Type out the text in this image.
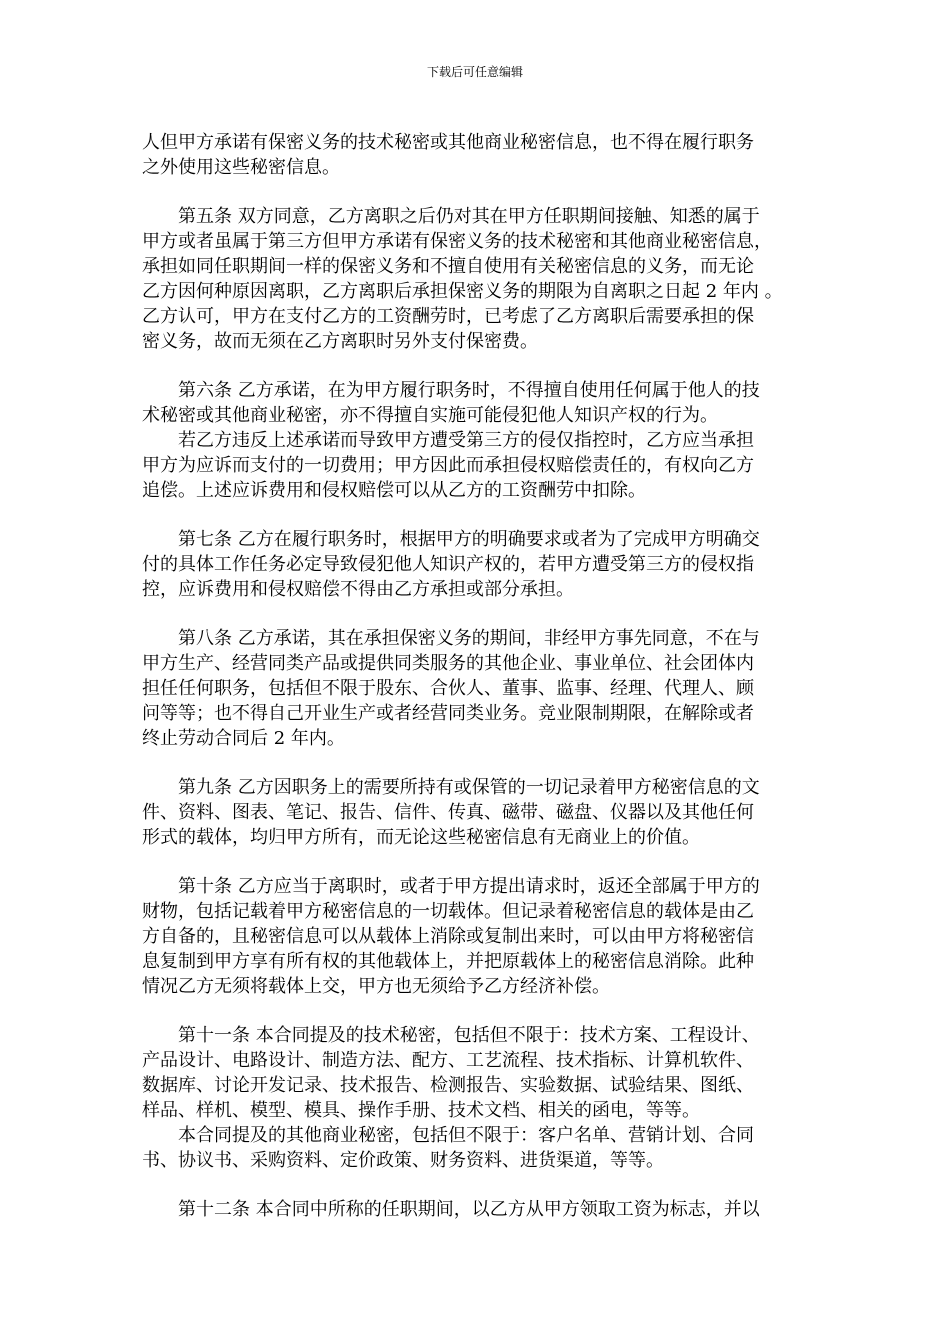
下载后可任意编辑

人但甲方承诺有保密义务的技术秘密或其他商业秘密信息，也不得在履行职务
之外使用这些秘密信息。

第五条 双方同意，乙方离职之后仍对其在甲方任职期间接触、知悉的属于
甲方或者虽属于第三方但甲方承诺有保密义务的技术秘密和其他商业秘密信息，
承担如同任职期间一样的保密义务和不擅自使用有关秘密信息的义务，而无论
乙方因何种原因离职，乙方离职后承担保密义务的期限为自离职之日起 2 年内 。
乙方认可，甲方在支付乙方的工资酬劳时，已考虑了乙方离职后需要承担的保
密义务，故而无须在乙方离职时另外支付保密费。

第六条 乙方承诺，在为甲方履行职务时，不得擅自使用任何属于他人的技
术秘密或其他商业秘密，亦不得擅自实施可能侵犯他人知识产权的行为。

若乙方违反上述承诺而导致甲方遭受第三方的侵仅指控时，乙方应当承担
甲方为应诉而支付的一切费用；甲方因此而承担侵权赔偿责任的，有权向乙方
追偿。上述应诉费用和侵权赔偿可以从乙方的工资酬劳中扣除。

第七条 乙方在履行职务时，根据甲方的明确要求或者为了完成甲方明确交
付的具体工作任务必定导致侵犯他人知识产权的，若甲方遭受第三方的侵权指
控，应诉费用和侵权赔偿不得由乙方承担或部分承担。

第八条 乙方承诺，其在承担保密义务的期间，非经甲方事先同意，不在与
甲方生产、经营同类产品或提供同类服务的其他企业、事业单位、社会团体内
担任任何职务，包括但不限于股东、合伙人、董事、监事、经理、代理人、顾
问等等；也不得自己开业生产或者经营同类业务。竞业限制期限，在解除或者
终止劳动合同后 2 年内。

第九条 乙方因职务上的需要所持有或保管的一切记录着甲方秘密信息的文
件、资料、图表、笔记、报告、信件、传真、磁带、磁盘、仪器以及其他任何
形式的载体，均归甲方所有，而无论这些秘密信息有无商业上的价值。

第十条 乙方应当于离职时，或者于甲方提出请求时，返还全部属于甲方的
财物，包括记载着甲方秘密信息的一切载体。但记录着秘密信息的载体是由乙
方自备的，且秘密信息可以从载体上消除或复制出来时，可以由甲方将秘密信
息复制到甲方享有所有权的其他载体上，并把原载体上的秘密信息消除。此种
情况乙方无须将载体上交，甲方也无须给予乙方经济补偿。

第十一条 本合同提及的技术秘密，包括但不限于：技术方案、工程设计、
产品设计、电路设计、制造方法、配方、工艺流程、技术指标、计算机软件、
数据库、讨论开发记录、技术报告、检测报告、实验数据、试验结果、图纸、
样品、样机、模型、模具、操作手册、技术文档、相关的函电，等等。

本合同提及的其他商业秘密，包括但不限于：客户名单、营销计划、合同
书、协议书、采购资料、定价政策、财务资料、进货渠道，等等。

第十二条 本合同中所称的任职期间，以乙方从甲方领取工资为标志，并以
